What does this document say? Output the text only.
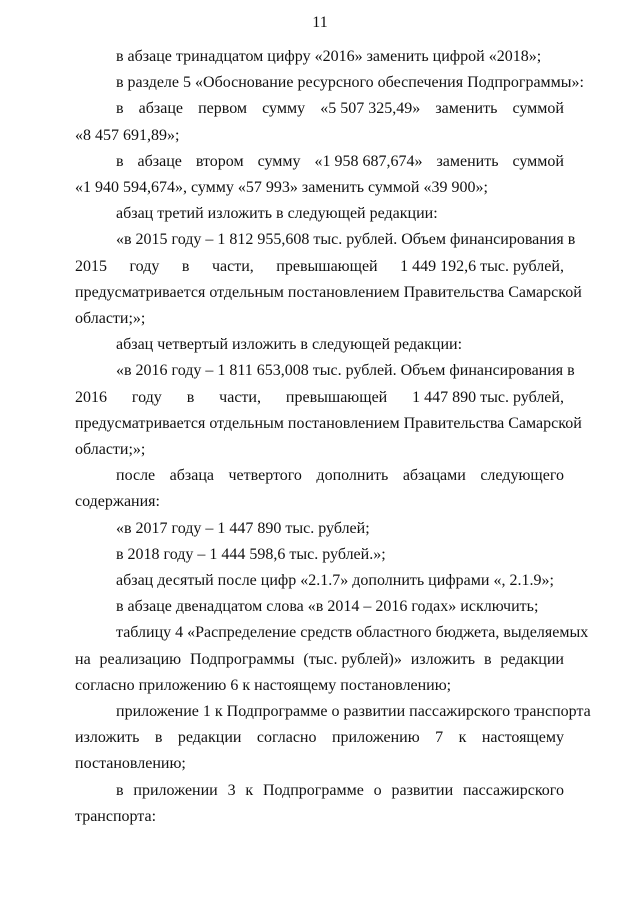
11
в абзаце тринадцатом цифру «2016» заменить цифрой «2018»;
в разделе 5 «Обоснование ресурсного обеспечения Подпрограммы»:
в абзаце первом сумму «5 507 325,49» заменить суммой
«8 457 691,89»;
в абзаце втором сумму «1 958 687,674» заменить суммой
«1 940 594,674», сумму «57 993» заменить суммой «39 900»;
абзац третий изложить в следующей редакции:
«в 2015 году – 1 812 955,608 тыс. рублей. Объем финансирования в
2015 году в части, превышающей 1 449 192,6 тыс. рублей,
предусматривается отдельным постановлением Правительства Самарской
области;»;
абзац четвертый изложить в следующей редакции:
«в 2016 году – 1 811 653,008 тыс. рублей. Объем финансирования в
2016 году в части, превышающей 1 447 890 тыс. рублей,
предусматривается отдельным постановлением Правительства Самарской
области;»;
после абзаца четвертого дополнить абзацами следующего
содержания:
«в 2017 году – 1 447 890 тыс. рублей;
в 2018 году – 1 444 598,6 тыс. рублей.»;
абзац десятый после цифр «2.1.7» дополнить цифрами «, 2.1.9»;
в абзаце двенадцатом слова «в 2014 – 2016 годах» исключить;
таблицу 4 «Распределение средств областного бюджета, выделяемых
на реализацию Подпрограммы (тыс. рублей)» изложить в редакции
согласно приложению 6 к настоящему постановлению;
приложение 1 к Подпрограмме о развитии пассажирского транспорта
изложить в редакции согласно приложению 7 к настоящему
постановлению;
в приложении 3 к Подпрограмме о развитии пассажирского
транспорта:
